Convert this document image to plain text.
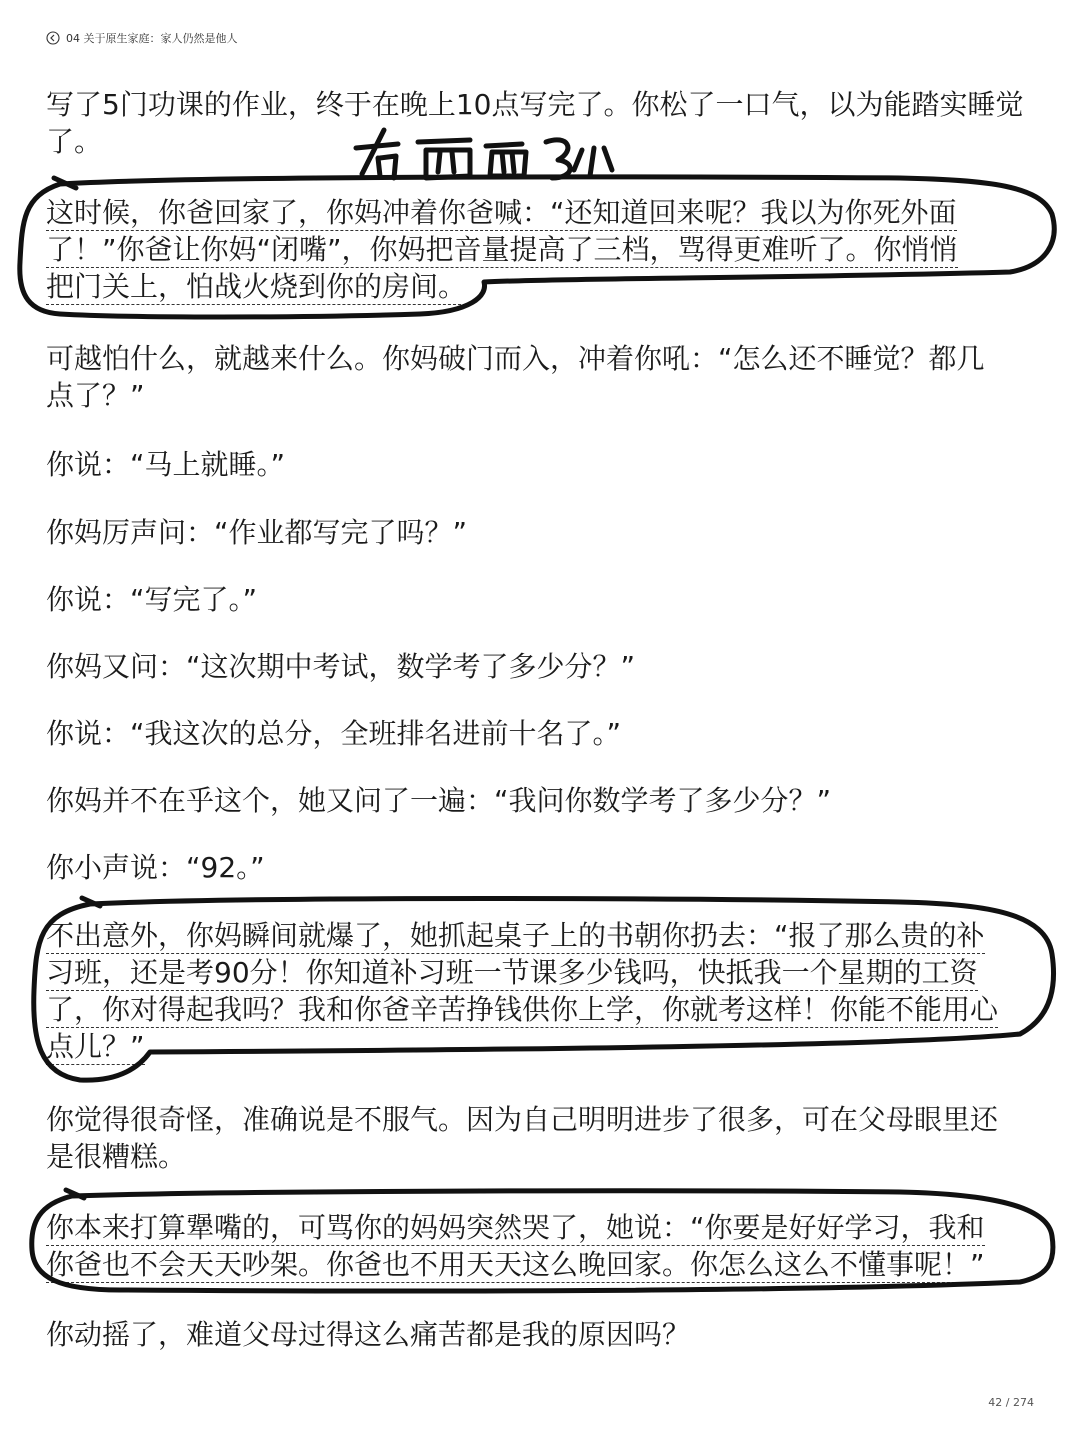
04 关于原生家庭：家人仍然是他人

写了5门功课的作业，终于在晚上10点写完了。你松了一口气，以为能踏实睡觉
了。

这时候，你爸回家了，你妈冲着你爸喊：“还知道回来呢？我以为你死外面
了！”你爸让你妈“闭嘴”，你妈把音量提高了三档，骂得更难听了。你悄悄
把门关上，怕战火烧到你的房间。

可越怕什么，就越来什么。你妈破门而入，冲着你吼：“怎么还不睡觉？都几
点了？”

你说：“马上就睡。”

你妈厉声问：“作业都写完了吗？”

你说：“写完了。”

你妈又问：“这次期中考试，数学考了多少分？”

你说：“我这次的总分，全班排名进前十名了。”

你妈并不在乎这个，她又问了一遍：“我问你数学考了多少分？”

你小声说：“92。”

不出意外，你妈瞬间就爆了，她抓起桌子上的书朝你扔去：“报了那么贵的补
习班，还是考90分！你知道补习班一节课多少钱吗，快抵我一个星期的工资
了，你对得起我吗？我和你爸辛苦挣钱供你上学，你就考这样！你能不能用心
点儿？”

你觉得很奇怪，准确说是不服气。因为自己明明进步了很多，可在父母眼里还
是很糟糕。

你本来打算犟嘴的，可骂你的妈妈突然哭了，她说：“你要是好好学习，我和
你爸也不会天天吵架。你爸也不用天天这么晚回家。你怎么这么不懂事呢！”

你动摇了，难道父母过得这么痛苦都是我的原因吗？

42 / 274
